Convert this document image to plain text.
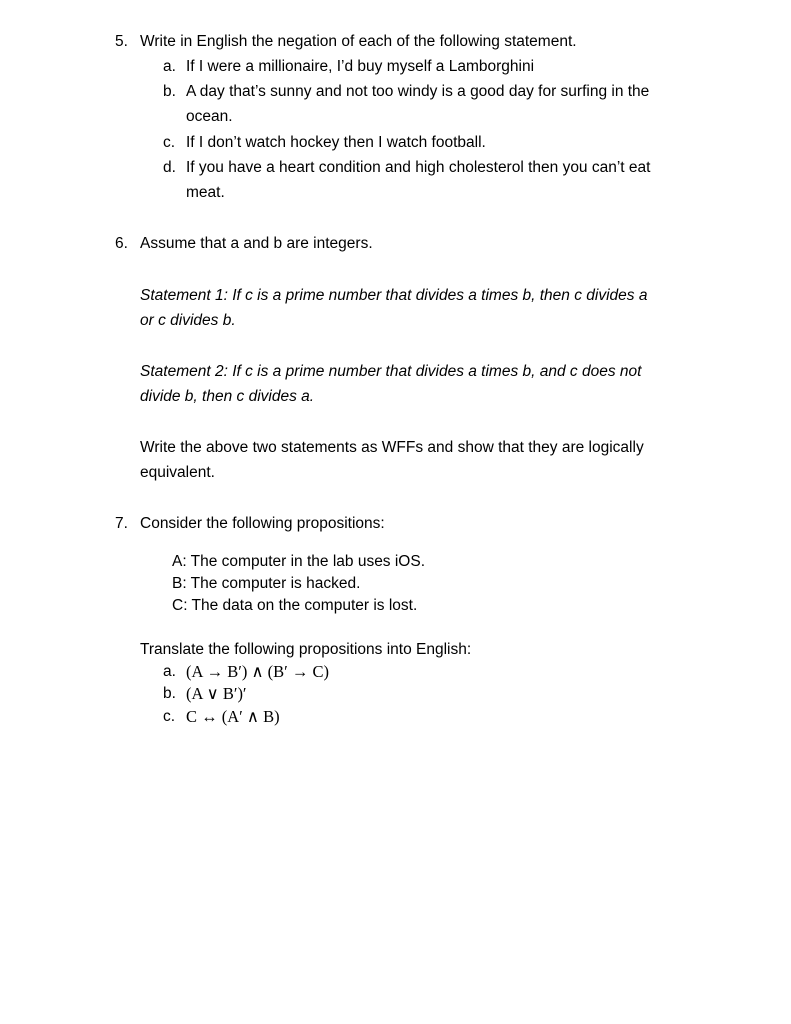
5. Write in English the negation of each of the following statement.
a. If I were a millionaire, I’d buy myself a Lamborghini
b. A day that’s sunny and not too windy is a good day for surfing in the
ocean.
c. If I don’t watch hockey then I watch football.
d. If you have a heart condition and high cholesterol then you can’t eat
meat.
6. Assume that a and b are integers.
Statement 1: If c is a prime number that divides a times b, then c divides a
or c divides b.
Statement 2: If c is a prime number that divides a times b, and c does not
divide b, then c divides a.
Write the above two statements as WFFs and show that they are logically
equivalent.
7. Consider the following propositions:
A: The computer in the lab uses iOS.
B: The computer is hacked.
C: The data on the computer is lost.
Translate the following propositions into English:
a. (A → B′) ∧ (B′ → C)
b. (A ∨ B′)′
c. C ↔ (A′ ∧ B)
